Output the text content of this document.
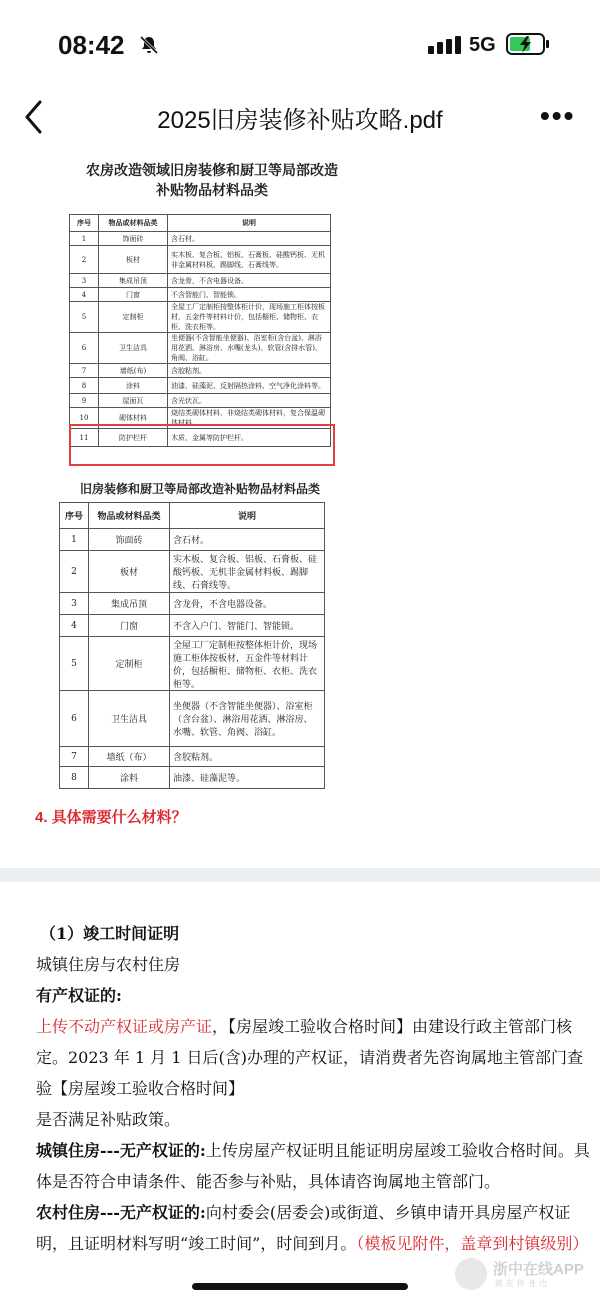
08:42	5G
2025旧房装修补贴攻略.pdf	•••
农房改造领域旧房装修和厨卫等局部改造
补贴物品材料品类
序号	物品或材料品类	说明
1	饰面砖	含石材。
2	板材	实木板、复合板、铝板、石膏板、硅酸钙板、无机非金属材料板、踢脚线、石膏线等。
3	集成吊顶	含龙骨，不含电器设备。
4	门窗	不含智能门、智能锁。
5	定制柜	全屋工厂定制柜按整体柜计价，现场施工柜体按板材，五金件等材料计价，包括橱柜、储物柜、衣柜、洗衣柜等。
6	卫生洁具	坐便器(不含智能坐便器)、浴室柜(含台盆)、淋浴用花洒、淋浴房、水嘴(龙头)、软管(含排水管)、角阀、浴缸。
7	墙纸(布)	含胶粘剂。
8	涂料	油漆、硅藻泥、反射隔热涂料、空气净化涂料等。
9	屋面瓦	含光伏瓦。
10	砌体材料	烧结类砌体材料，非烧结类砌体材料，复合保温砌体材料。
11	防护栏杆	木质、金属等防护栏杆。
旧房装修和厨卫等局部改造补贴物品材料品类
序号	物品或材料品类	说明
1	饰面砖	含石材。
2	板材	实木板、复合板、铝板、石膏板、硅酸钙板、无机非金属材料板、踢脚线、石膏线等。
3	集成吊顶	含龙骨，不含电器设备。
4	门窗	不含入户门、智能门、智能锁。
5	定制柜	全屋工厂定制柜按整体柜计价，现场施工柜体按板材，五金件等材料计价，包括橱柜、储物柜、衣柜、洗衣柜等。
6	卫生洁具	坐便器（不含智能坐便器）、浴室柜（含台盆）、淋浴用花洒、淋浴房、水嘴、软管、角阀、浴缸。
7	墙纸（布）	含胶粘剂。
8	涂料	油漆、硅藻泥等。
4. 具体需要什么材料？

（1）竣工时间证明

城镇住房与农村住房

有产权证的:

上传不动产权证或房产证，【房屋竣工验收合格时间】由建设行政主管部门核定。2023 年 1 月 1 日后(含)办理的产权证，请消费者先咨询属地主管部门查验【房屋竣工验收合格时间】

是否满足补贴政策。

城镇住房---无产权证的:上传房屋产权证明且能证明房屋竣工验收合格时间。具体是否符合申请条件、能否参与补贴，具体请咨询属地主管部门。

农村住房---无产权证的:向村委会(居委会)或街道、乡镇申请开具房屋产权证明，且证明材料写明“竣工时间”，时间到月。（模板见附件，盖章到村镇级别）

浙中在线APP
就在你身边
